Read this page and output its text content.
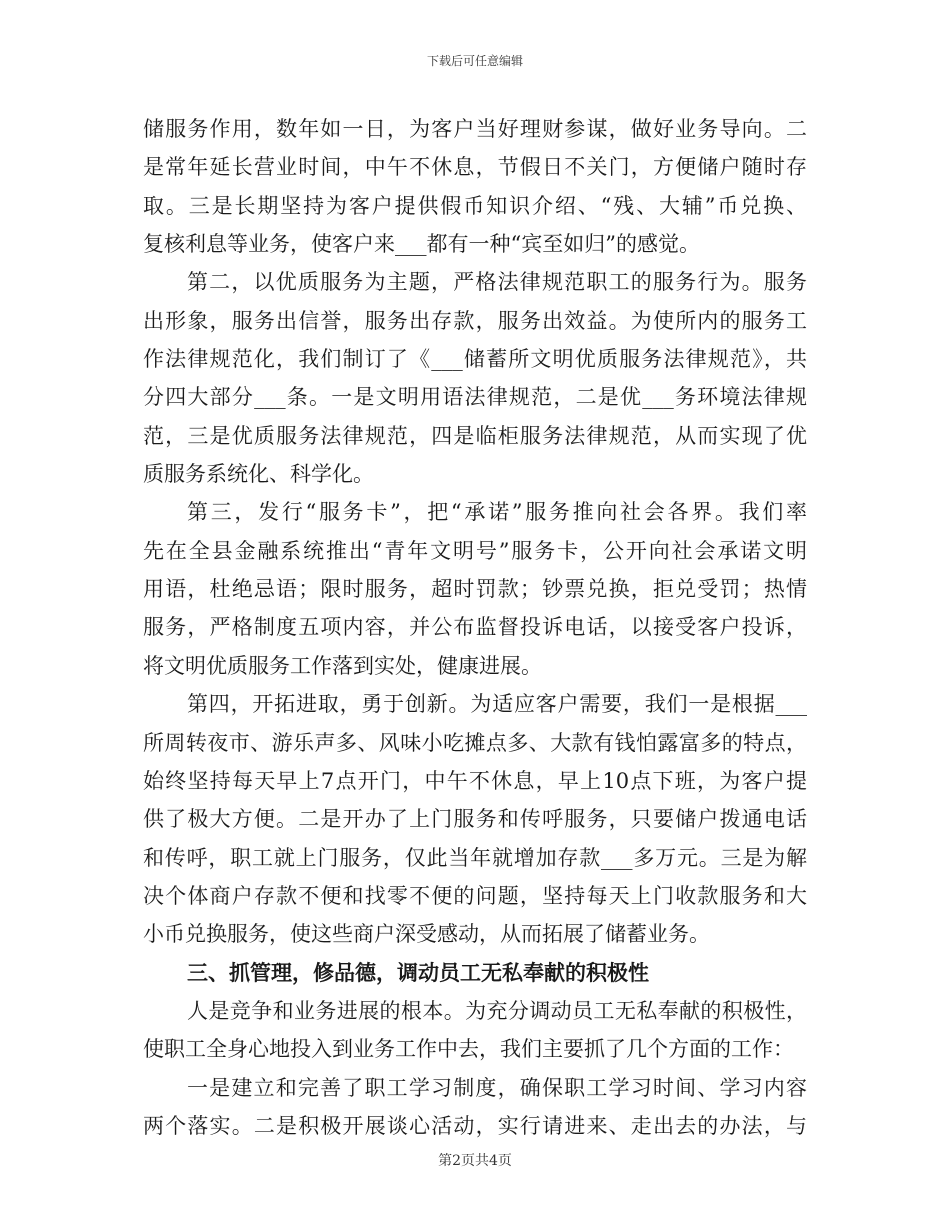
下载后可任意编辑
储服务作用，数年如一日，为客户当好理财参谋，做好业务导向。二
是常年延长营业时间，中午不休息，节假日不关门，方便储户随时存
取。三是长期坚持为客户提供假币知识介绍、“残、大辅”币兑换、
复核利息等业务，使客户来___都有一种“宾至如归”的感觉。
第二，以优质服务为主题，严格法律规范职工的服务行为。服务
出形象，服务出信誉，服务出存款，服务出效益。为使所内的服务工
作法律规范化，我们制订了《___储蓄所文明优质服务法律规范》，共
分四大部分___条。一是文明用语法律规范，二是优___务环境法律规
范，三是优质服务法律规范，四是临柜服务法律规范，从而实现了优
质服务系统化、科学化。
第三，发行“服务卡”，把“承诺”服务推向社会各界。我们率
先在全县金融系统推出“青年文明号”服务卡，公开向社会承诺文明
用语，杜绝忌语；限时服务，超时罚款；钞票兑换，拒兑受罚；热情
服务，严格制度五项内容，并公布监督投诉电话，以接受客户投诉，
将文明优质服务工作落到实处，健康进展。
第四，开拓进取，勇于创新。为适应客户需要，我们一是根据___
所周转夜市、游乐声多、风味小吃摊点多、大款有钱怕露富多的特点，
始终坚持每天早上7点开门，中午不休息，早上10点下班，为客户提
供了极大方便。二是开办了上门服务和传呼服务，只要储户拨通电话
和传呼，职工就上门服务，仅此当年就增加存款___多万元。三是为解
决个体商户存款不便和找零不便的问题，坚持每天上门收款服务和大
小币兑换服务，使这些商户深受感动，从而拓展了储蓄业务。
三、抓管理，修品德，调动员工无私奉献的积极性
人是竞争和业务进展的根本。为充分调动员工无私奉献的积极性，
使职工全身心地投入到业务工作中去，我们主要抓了几个方面的工作：
一是建立和完善了职工学习制度，确保职工学习时间、学习内容
两个落实。二是积极开展谈心活动，实行请进来、走出去的办法，与
第2页共4页
